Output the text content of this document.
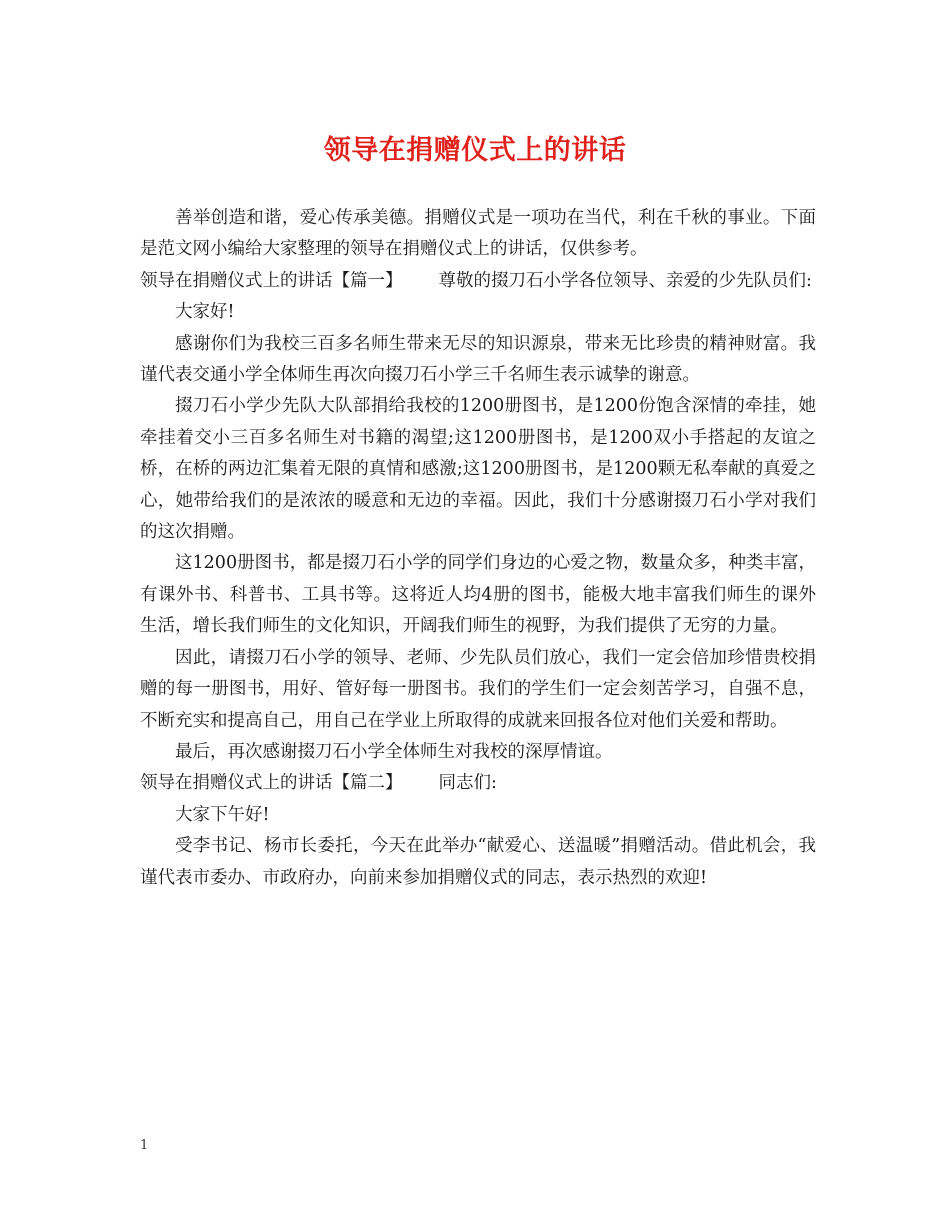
领导在捐赠仪式上的讲话

善举创造和谐，爱心传承美德。捐赠仪式是一项功在当代，利在千秋的事业。下面是范文网小编给大家整理的领导在捐赠仪式上的讲话，仅供参考。

领导在捐赠仪式上的讲话【篇一】 尊敬的掇刀石小学各位领导、亲爱的少先队员们:

大家好!

感谢你们为我校三百多名师生带来无尽的知识源泉，带来无比珍贵的精神财富。我谨代表交通小学全体师生再次向掇刀石小学三千名师生表示诚挚的谢意。

掇刀石小学少先队大队部捐给我校的1200册图书，是1200份饱含深情的牵挂，她牵挂着交小三百多名师生对书籍的渴望;这1200册图书，是1200双小手搭起的友谊之桥，在桥的两边汇集着无限的真情和感激;这1200册图书，是1200颗无私奉献的真爱之心，她带给我们的是浓浓的暖意和无边的幸福。因此，我们十分感谢掇刀石小学对我们的这次捐赠。

这1200册图书，都是掇刀石小学的同学们身边的心爱之物，数量众多，种类丰富，有课外书、科普书、工具书等。这将近人均4册的图书，能极大地丰富我们师生的课外生活，增长我们师生的文化知识，开阔我们师生的视野，为我们提供了无穷的力量。

因此，请掇刀石小学的领导、老师、少先队员们放心，我们一定会倍加珍惜贵校捐赠的每一册图书，用好、管好每一册图书。我们的学生们一定会刻苦学习，自强不息，不断充实和提高自己，用自己在学业上所取得的成就来回报各位对他们关爱和帮助。

最后，再次感谢掇刀石小学全体师生对我校的深厚情谊。

领导在捐赠仪式上的讲话【篇二】 同志们:

大家下午好!

受李书记、杨市长委托，今天在此举办“献爱心、送温暖”捐赠活动。借此机会，我谨代表市委办、市政府办，向前来参加捐赠仪式的同志，表示热烈的欢迎!

1
